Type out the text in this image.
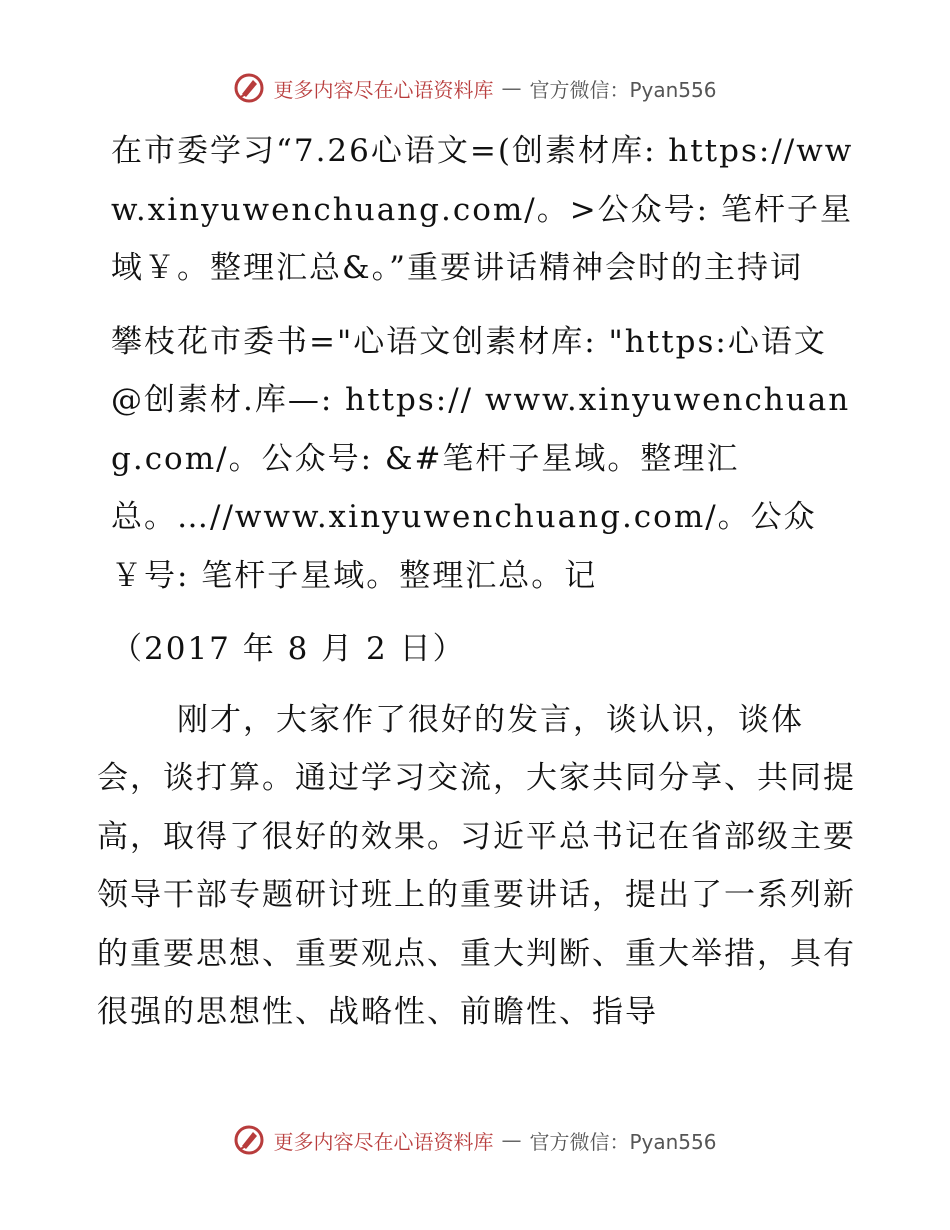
更多内容尽在心语资料库 — 官方微信：Pyan556

在市委学习“7.26心语文=(创素材库: https://www.xinyuwenchuang.com/。>公众号: 笔杆子星域￥。整理汇总&。”重要讲话精神会时的主持词

攀枝花市委书="心语文创素材库: "https:心语文@创素材.库—: https:// www.xinyuwenchuang.com/。公众号: &#笔杆子星域。整理汇总。…//www.xinyuwenchuang.com/。公众￥号: 笔杆子星域。整理汇总。记

（2017 年 8 月 2 日）

刚才，大家作了很好的发言，谈认识，谈体会，谈打算。通过学习交流，大家共同分享、共同提高，取得了很好的效果。习近平总书记在省部级主要领导干部专题研讨班上的重要讲话，提出了一系列新的重要思想、重要观点、重大判断、重大举措，具有很强的思想性、战略性、前瞻性、指导

更多内容尽在心语资料库 — 官方微信：Pyan556
